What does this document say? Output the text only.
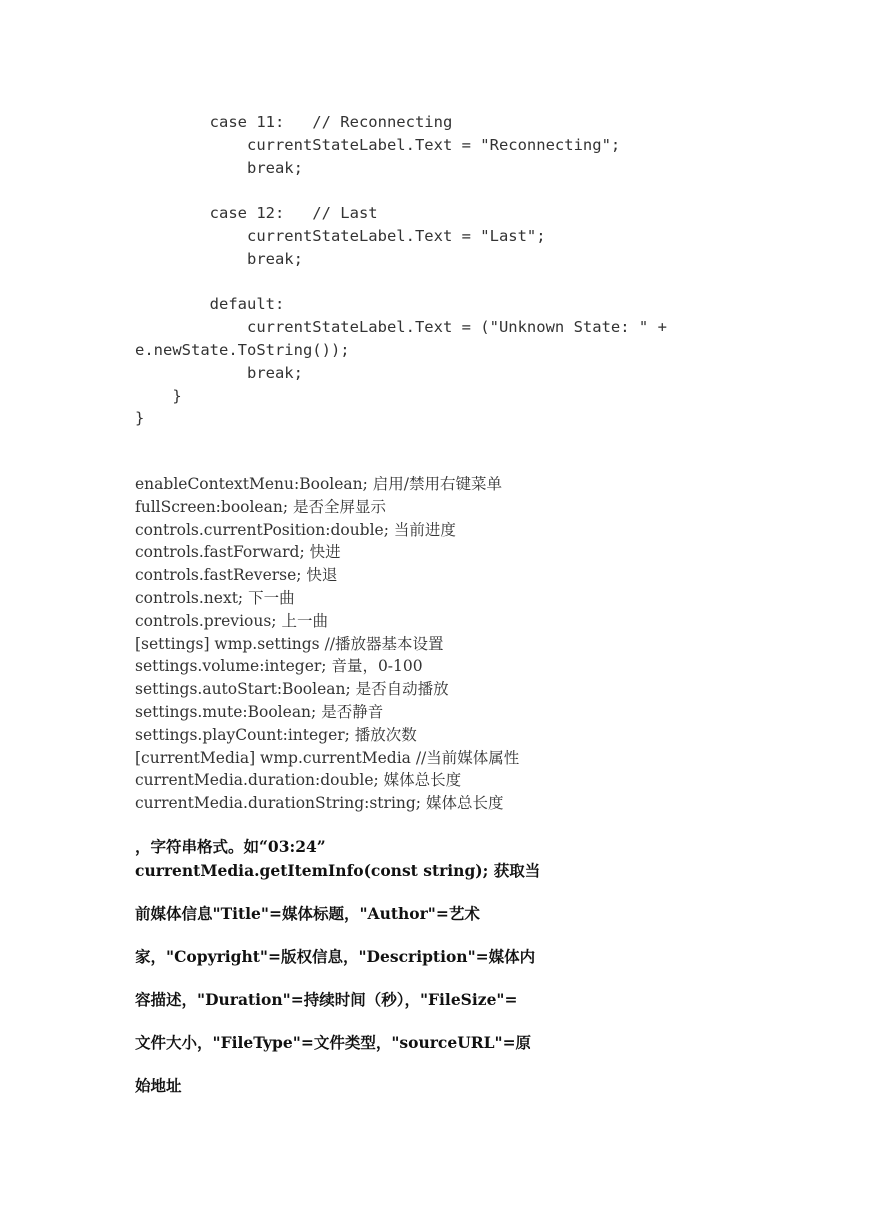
case 11:   // Reconnecting
currentStateLabel.Text = "Reconnecting";
break;
case 12:   // Last
currentStateLabel.Text = "Last";
break;
default:
currentStateLabel.Text = ("Unknown State: " +
e.newState.ToString());
break;
}
}
enableContextMenu:Boolean; 启用/禁用右键菜单
fullScreen:boolean; 是否全屏显示
controls.currentPosition:double; 当前进度
controls.fastForward; 快进
controls.fastReverse; 快退
controls.next; 下一曲
controls.previous; 上一曲
[settings] wmp.settings //播放器基本设置
settings.volume:integer; 音量，0-100
settings.autoStart:Boolean; 是否自动播放
settings.mute:Boolean; 是否静音
settings.playCount:integer; 播放次数
[currentMedia] wmp.currentMedia //当前媒体属性
currentMedia.duration:double; 媒体总长度
currentMedia.durationString:string; 媒体总长度
，字符串格式。如“03:24”
currentMedia.getItemInfo(const string); 获取当
前媒体信息"Title"=媒体标题，"Author"=艺术
家，"Copyright"=版权信息，"Description"=媒体内
容描述，"Duration"=持续时间（秒），"FileSize"=
文件大小，"FileType"=文件类型，"sourceURL"=原
始地址
